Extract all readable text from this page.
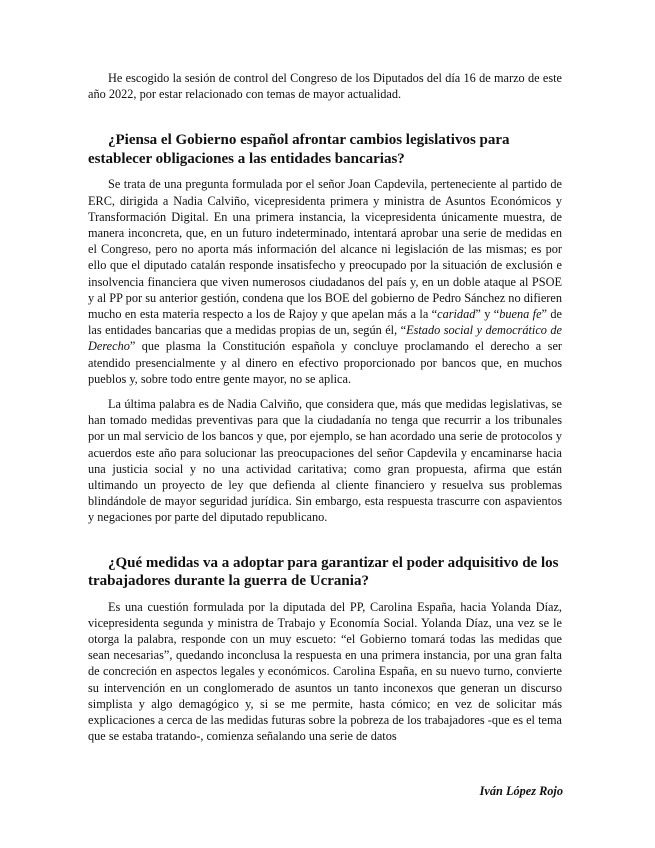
He escogido la sesión de control del Congreso de los Diputados del día 16 de marzo de este año 2022, por estar relacionado con temas de mayor actualidad.

¿Piensa el Gobierno español afrontar cambios legislativos para establecer obligaciones a las entidades bancarias?

Se trata de una pregunta formulada por el señor Joan Capdevila, perteneciente al partido de ERC, dirigida a Nadia Calviño, vicepresidenta primera y ministra de Asuntos Económicos y Transformación Digital. En una primera instancia, la vicepresidenta únicamente muestra, de manera inconcreta, que, en un futuro indeterminado, intentará aprobar una serie de medidas en el Congreso, pero no aporta más información del alcance ni legislación de las mismas; es por ello que el diputado catalán responde insatisfecho y preocupado por la situación de exclusión e insolvencia financiera que viven numerosos ciudadanos del país y, en un doble ataque al PSOE y al PP por su anterior gestión, condena que los BOE del gobierno de Pedro Sánchez no difieren mucho en esta materia respecto a los de Rajoy y que apelan más a la “caridad” y “buena fe” de las entidades bancarias que a medidas propias de un, según él, “Estado social y democrático de Derecho” que plasma la Constitución española y concluye proclamando el derecho a ser atendido presencialmente y al dinero en efectivo proporcionado por bancos que, en muchos pueblos y, sobre todo entre gente mayor, no se aplica.

La última palabra es de Nadia Calviño, que considera que, más que medidas legislativas, se han tomado medidas preventivas para que la ciudadanía no tenga que recurrir a los tribunales por un mal servicio de los bancos y que, por ejemplo, se han acordado una serie de protocolos y acuerdos este año para solucionar las preocupaciones del señor Capdevila y encaminarse hacia una justicia social y no una actividad caritativa; como gran propuesta, afirma que están ultimando un proyecto de ley que defienda al cliente financiero y resuelva sus problemas blindándole de mayor seguridad jurídica. Sin embargo, esta respuesta trascurre con aspavientos y negaciones por parte del diputado republicano.

¿Qué medidas va a adoptar para garantizar el poder adquisitivo de los trabajadores durante la guerra de Ucrania?

Es una cuestión formulada por la diputada del PP, Carolina España, hacia Yolanda Díaz, vicepresidenta segunda y ministra de Trabajo y Economía Social. Yolanda Díaz, una vez se le otorga la palabra, responde con un muy escueto: “el Gobierno tomará todas las medidas que sean necesarias”, quedando inconclusa la respuesta en una primera instancia, por una gran falta de concreción en aspectos legales y económicos. Carolina España, en su nuevo turno, convierte su intervención en un conglomerado de asuntos un tanto inconexos que generan un discurso simplista y algo demagógico y, si se me permite, hasta cómico; en vez de solicitar más explicaciones a cerca de las medidas futuras sobre la pobreza de los trabajadores -que es el tema que se estaba tratando-, comienza señalando una serie de datos

Iván López Rojo
